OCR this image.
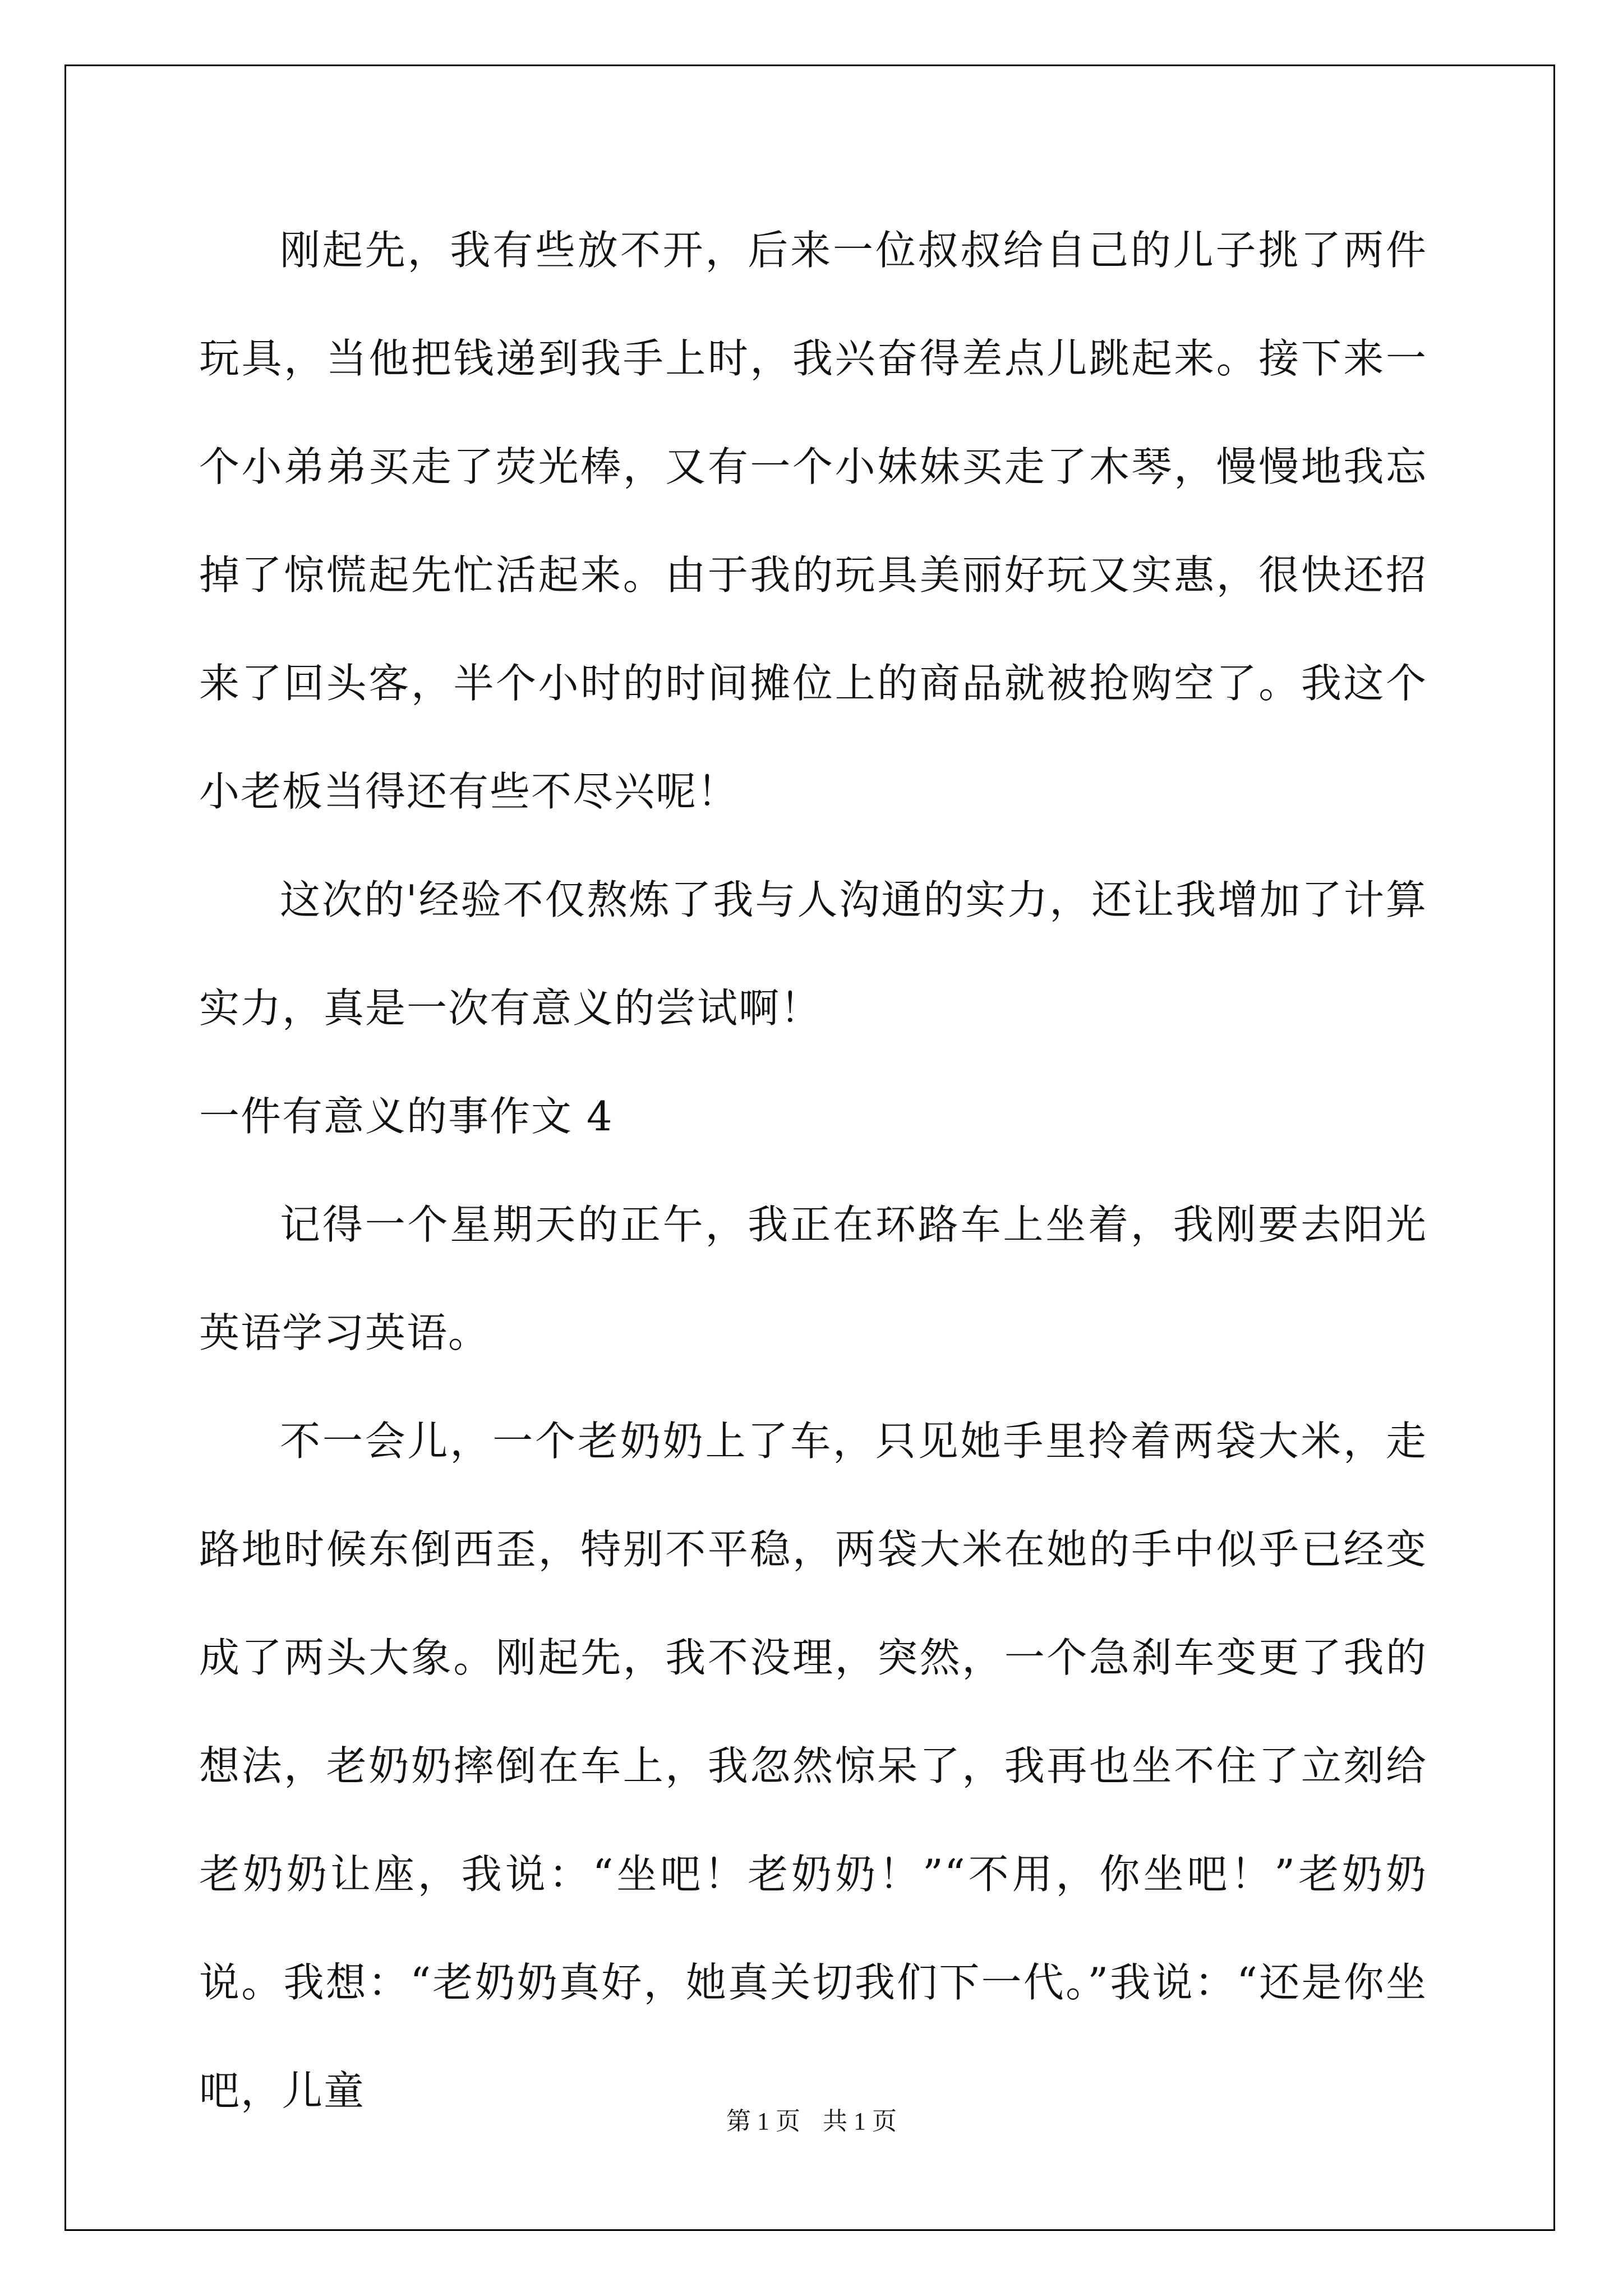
刚起先，我有些放不开，后来一位叔叔给自己的儿子挑了两件玩具，当他把钱递到我手上时，我兴奋得差点儿跳起来。接下来一个小弟弟买走了荧光棒，又有一个小妹妹买走了木琴，慢慢地我忘掉了惊慌起先忙活起来。由于我的玩具美丽好玩又实惠，很快还招来了回头客，半个小时的时间摊位上的商品就被抢购空了。我这个小老板当得还有些不尽兴呢！

这次的'经验不仅熬炼了我与人沟通的实力，还让我增加了计算实力，真是一次有意义的尝试啊！

一件有意义的事作文 4

记得一个星期天的正午，我正在环路车上坐着，我刚要去阳光英语学习英语。

不一会儿，一个老奶奶上了车，只见她手里拎着两袋大米，走路地时候东倒西歪，特别不平稳，两袋大米在她的手中似乎已经变成了两头大象。刚起先，我不没理，突然，一个急刹车变更了我的想法，老奶奶摔倒在车上，我忽然惊呆了，我再也坐不住了立刻给老奶奶让座，我说：“坐吧！老奶奶！”“不用，你坐吧！”老奶奶说。我想：“老奶奶真好，她真关切我们下一代。”我说：“还是你坐吧，儿童

第 1 页 共 1 页
